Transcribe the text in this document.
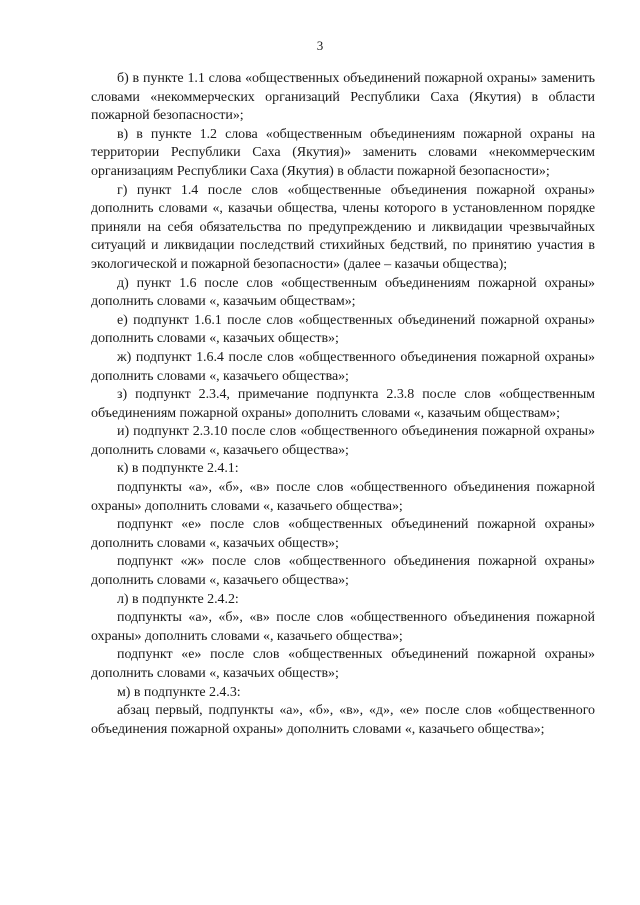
3

б) в пункте 1.1 слова «общественных объединений пожарной охраны» заменить словами «некоммерческих организаций Республики Саха (Якутия) в области пожарной безопасности»;

в) в пункте 1.2 слова «общественным объединениям пожарной охраны на территории Республики Саха (Якутия)» заменить словами «некоммерческим организациям Республики Саха (Якутия) в области пожарной безопасности»;

г) пункт 1.4 после слов «общественные объединения пожарной охраны» дополнить словами «, казачьи общества, члены которого в установленном порядке приняли на себя обязательства по предупреждению и ликвидации чрезвычайных ситуаций и ликвидации последствий стихийных бедствий, по принятию участия в экологической и пожарной безопасности» (далее – казачьи общества);

д) пункт 1.6 после слов «общественным объединениям пожарной охраны» дополнить словами «, казачьим обществам»;

е) подпункт 1.6.1 после слов «общественных объединений пожарной охраны» дополнить словами «, казачьих обществ»;

ж) подпункт 1.6.4 после слов «общественного объединения пожарной охраны» дополнить словами «, казачьего общества»;

з) подпункт 2.3.4, примечание подпункта 2.3.8 после слов «общественным объединениям пожарной охраны» дополнить словами «, казачьим обществам»;

и) подпункт 2.3.10 после слов «общественного объединения пожарной охраны» дополнить словами «, казачьего общества»;

к) в подпункте 2.4.1:

подпункты «а», «б», «в» после слов «общественного объединения пожарной охраны» дополнить словами «, казачьего общества»;

подпункт «е» после слов «общественных объединений пожарной охраны» дополнить словами «, казачьих обществ»;

подпункт «ж» после слов «общественного объединения пожарной охраны» дополнить словами «, казачьего общества»;

л) в подпункте 2.4.2:

подпункты «а», «б», «в» после слов «общественного объединения пожарной охраны» дополнить словами «, казачьего общества»;

подпункт «е» после слов «общественных объединений пожарной охраны» дополнить словами «, казачьих обществ»;

м) в подпункте 2.4.3:

абзац первый, подпункты «а», «б», «в», «д», «е» после слов «общественного объединения пожарной охраны» дополнить словами «, казачьего общества»;
